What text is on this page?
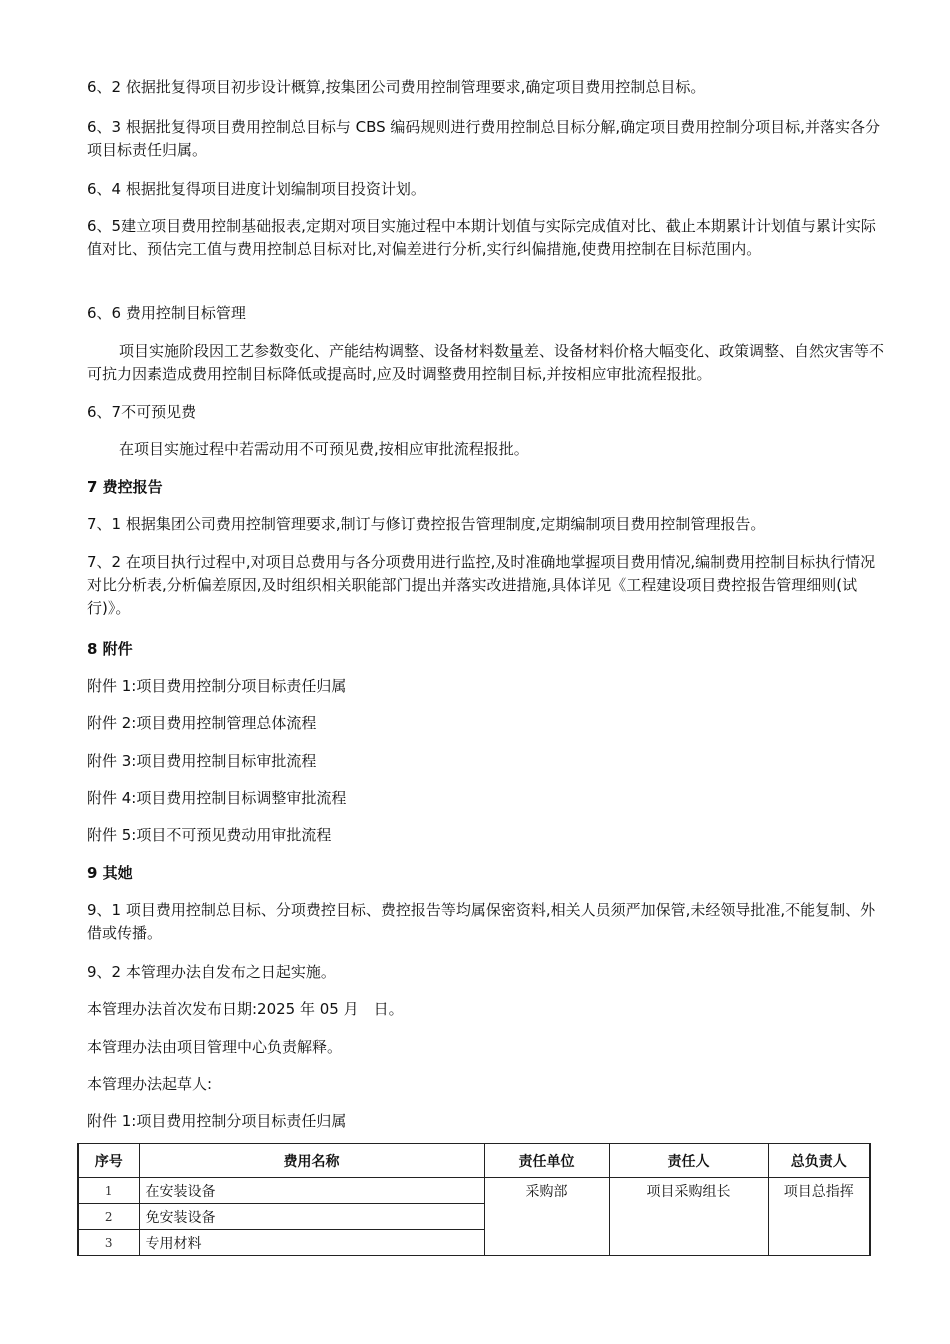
6、2 依据批复得项目初步设计概算,按集团公司费用控制管理要求,确定项目费用控制总目标。

6、3 根据批复得项目费用控制总目标与 CBS 编码规则进行费用控制总目标分解,确定项目费用控制分项目标,并落实各分项目标责任归属。

6、4 根据批复得项目进度计划编制项目投资计划。

6、5建立项目费用控制基础报表,定期对项目实施过程中本期计划值与实际完成值对比、截止本期累计计划值与累计实际值对比、预估完工值与费用控制总目标对比,对偏差进行分析,实行纠偏措施,使费用控制在目标范围内。

6、6 费用控制目标管理

项目实施阶段因工艺参数变化、产能结构调整、设备材料数量差、设备材料价格大幅变化、政策调整、自然灾害等不可抗力因素造成费用控制目标降低或提高时,应及时调整费用控制目标,并按相应审批流程报批。

6、7不可预见费

在项目实施过程中若需动用不可预见费,按相应审批流程报批。

7 费控报告

7、1 根据集团公司费用控制管理要求,制订与修订费控报告管理制度,定期编制项目费用控制管理报告。

7、2 在项目执行过程中,对项目总费用与各分项费用进行监控,及时准确地掌握项目费用情况,编制费用控制目标执行情况对比分析表,分析偏差原因,及时组织相关职能部门提出并落实改进措施,具体详见《工程建设项目费控报告管理细则(试行)》。

8 附件

附件 1:项目费用控制分项目标责任归属

附件 2:项目费用控制管理总体流程

附件 3:项目费用控制目标审批流程

附件 4:项目费用控制目标调整审批流程

附件 5:项目不可预见费动用审批流程

9 其她

9、1 项目费用控制总目标、分项费控目标、费控报告等均属保密资料,相关人员须严加保管,未经领导批准,不能复制、外借或传播。

9、2 本管理办法自发布之日起实施。

本管理办法首次发布日期:2025 年 05 月　日。

本管理办法由项目管理中心负责解释。

本管理办法起草人:

附件 1:项目费用控制分项目标责任归属

序号	费用名称	责任单位	责任人	总负责人
1	在安装设备	采购部	项目采购组长	项目总指挥
2	免安装设备			
3	专用材料			
